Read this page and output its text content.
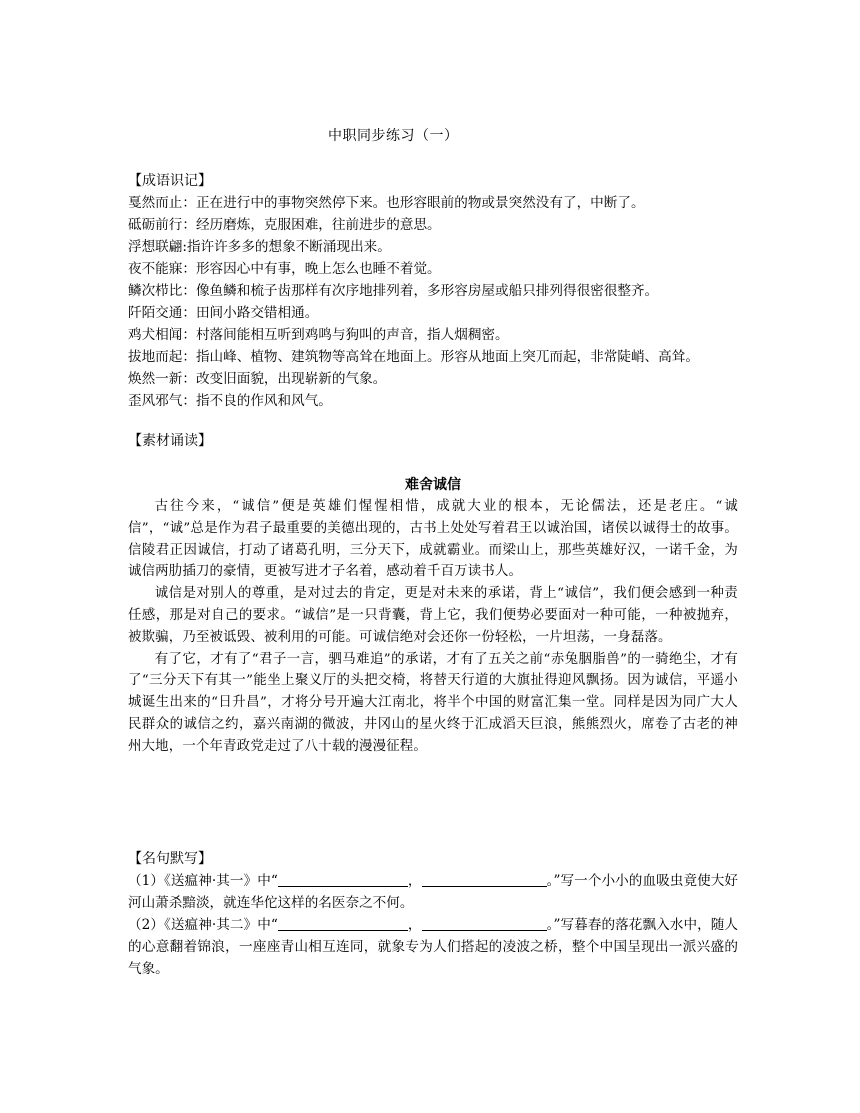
中职同步练习（一）
【成语识记】
戛然而止：正在进行中的事物突然停下来。也形容眼前的物或景突然没有了，中断了。
砥砺前行：经历磨炼，克服困难，往前进步的意思。
浮想联翩:指许许多多的想象不断涌现出来。
夜不能寐：形容因心中有事，晚上怎么也睡不着觉。
鳞次栉比：像鱼鳞和梳子齿那样有次序地排列着，多形容房屋或船只排列得很密很整齐。
阡陌交通：田间小路交错相通。
鸡犬相闻：村落间能相互听到鸡鸣与狗叫的声音，指人烟稠密。
拔地而起：指山峰、植物、建筑物等高耸在地面上。形容从地面上突兀而起，非常陡峭、高耸。
焕然一新：改变旧面貌，出现崭新的气象。
歪风邪气：指不良的作风和风气。
【素材诵读】
难舍诚信

古往今来，“诚信”便是英雄们惺惺相惜，成就大业的根本，无论儒法，还是老庄。“诚信”，“诚”总是作为君子最重要的美德出现的，古书上处处写着君王以诚治国，诸侯以诚得士的故事。信陵君正因诚信，打动了诸葛孔明，三分天下，成就霸业。而梁山上，那些英雄好汉，一诺千金，为诚信两肋插刀的豪情，更被写进才子名着，感动着千百万读书人。

诚信是对别人的尊重，是对过去的肯定，更是对未来的承诺，背上“诚信”，我们便会感到一种责任感，那是对自己的要求。“诚信”是一只背囊，背上它，我们便势必要面对一种可能，一种被抛弃，被欺骗，乃至被诋毁、被利用的可能。可诚信绝对会还你一份轻松，一片坦荡，一身磊落。

有了它，才有了“君子一言，驷马难追”的承诺，才有了五关之前“赤兔胭脂兽”的一骑绝尘，才有了“三分天下有其一”能坐上聚义厅的头把交椅，将替天行道的大旗扯得迎风飘扬。因为诚信，平遥小城诞生出来的“日升昌”，才将分号开遍大江南北，将半个中国的财富汇集一堂。同样是因为同广大人民群众的诚信之约，嘉兴南湖的微波，井冈山的星火终于汇成滔天巨浪，熊熊烈火，席卷了古老的神州大地，一个年青政党走过了八十载的漫漫征程。

【名句默写】

（1）《送瘟神·其一》中“	，	。”写一个小小的血吸虫竟使大好河山萧杀黯淡，就连华佗这样的名医奈之不何。

（2）《送瘟神·其二》中“	，	。”写暮春的落花飘入水中，随人的心意翻着锦浪，一座座青山相互连同，就象专为人们搭起的凌波之桥，整个中国呈现出一派兴盛的气象。
